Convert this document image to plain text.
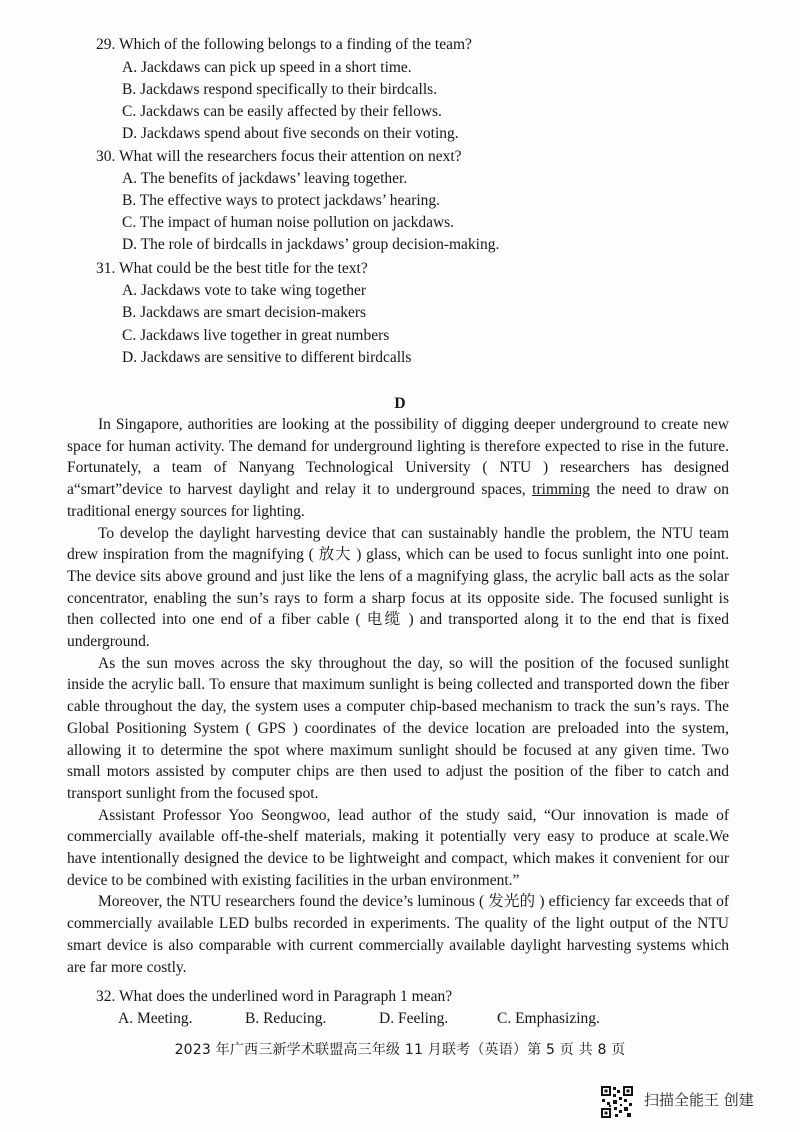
29. Which of the following belongs to a finding of the team?
A. Jackdaws can pick up speed in a short time.
B. Jackdaws respond specifically to their birdcalls.
C. Jackdaws can be easily affected by their fellows.
D. Jackdaws spend about five seconds on their voting.
30. What will the researchers focus their attention on next?
A. The benefits of jackdaws’ leaving together.
B. The effective ways to protect jackdaws’ hearing.
C. The impact of human noise pollution on jackdaws.
D. The role of birdcalls in jackdaws’ group decision-making.
31. What could be the best title for the text?
A. Jackdaws vote to take wing together
B. Jackdaws are smart decision-makers
C. Jackdaws live together in great numbers
D. Jackdaws are sensitive to different birdcalls
D

In Singapore, authorities are looking at the possibility of digging deeper underground to create new space for human activity. The demand for underground lighting is therefore expected to rise in the future. Fortunately, a team of Nanyang Technological University ( NTU ) researchers has designed a“smart”device to harvest daylight and relay it to underground spaces, trimming the need to draw on traditional energy sources for lighting.

To develop the daylight harvesting device that can sustainably handle the problem, the NTU team drew inspiration from the magnifying ( 放大 ) glass, which can be used to focus sunlight into one point. The device sits above ground and just like the lens of a magnifying glass, the acrylic ball acts as the solar concentrator, enabling the sun’s rays to form a sharp focus at its opposite side. The focused sunlight is then collected into one end of a fiber cable ( 电缆 ) and transported along it to the end that is fixed underground.

As the sun moves across the sky throughout the day, so will the position of the focused sunlight inside the acrylic ball. To ensure that maximum sunlight is being collected and transported down the fiber cable throughout the day, the system uses a computer chip-based mechanism to track the sun’s rays. The Global Positioning System ( GPS ) coordinates of the device location are preloaded into the system, allowing it to determine the spot where maximum sunlight should be focused at any given time. Two small motors assisted by computer chips are then used to adjust the position of the fiber to catch and transport sunlight from the focused spot.

Assistant Professor Yoo Seongwoo, lead author of the study said, “Our innovation is made of commercially available off-the-shelf materials, making it potentially very easy to produce at scale.We have intentionally designed the device to be lightweight and compact, which makes it convenient for our device to be combined with existing facilities in the urban environment.”

Moreover, the NTU researchers found the device’s luminous ( 发光的 ) efficiency far exceeds that of commercially available LED bulbs recorded in experiments. The quality of the light output of the NTU smart device is also comparable with current commercially available daylight harvesting systems which are far more costly.

32. What does the underlined word in Paragraph 1 mean?
A. Meeting.	B. Reducing.	D. Feeling.	C. Emphasizing.
2023 年广西三新学术联盟高三年级 11 月联考（英语）第 5 页 共 8 页
扫描全能王 创建
